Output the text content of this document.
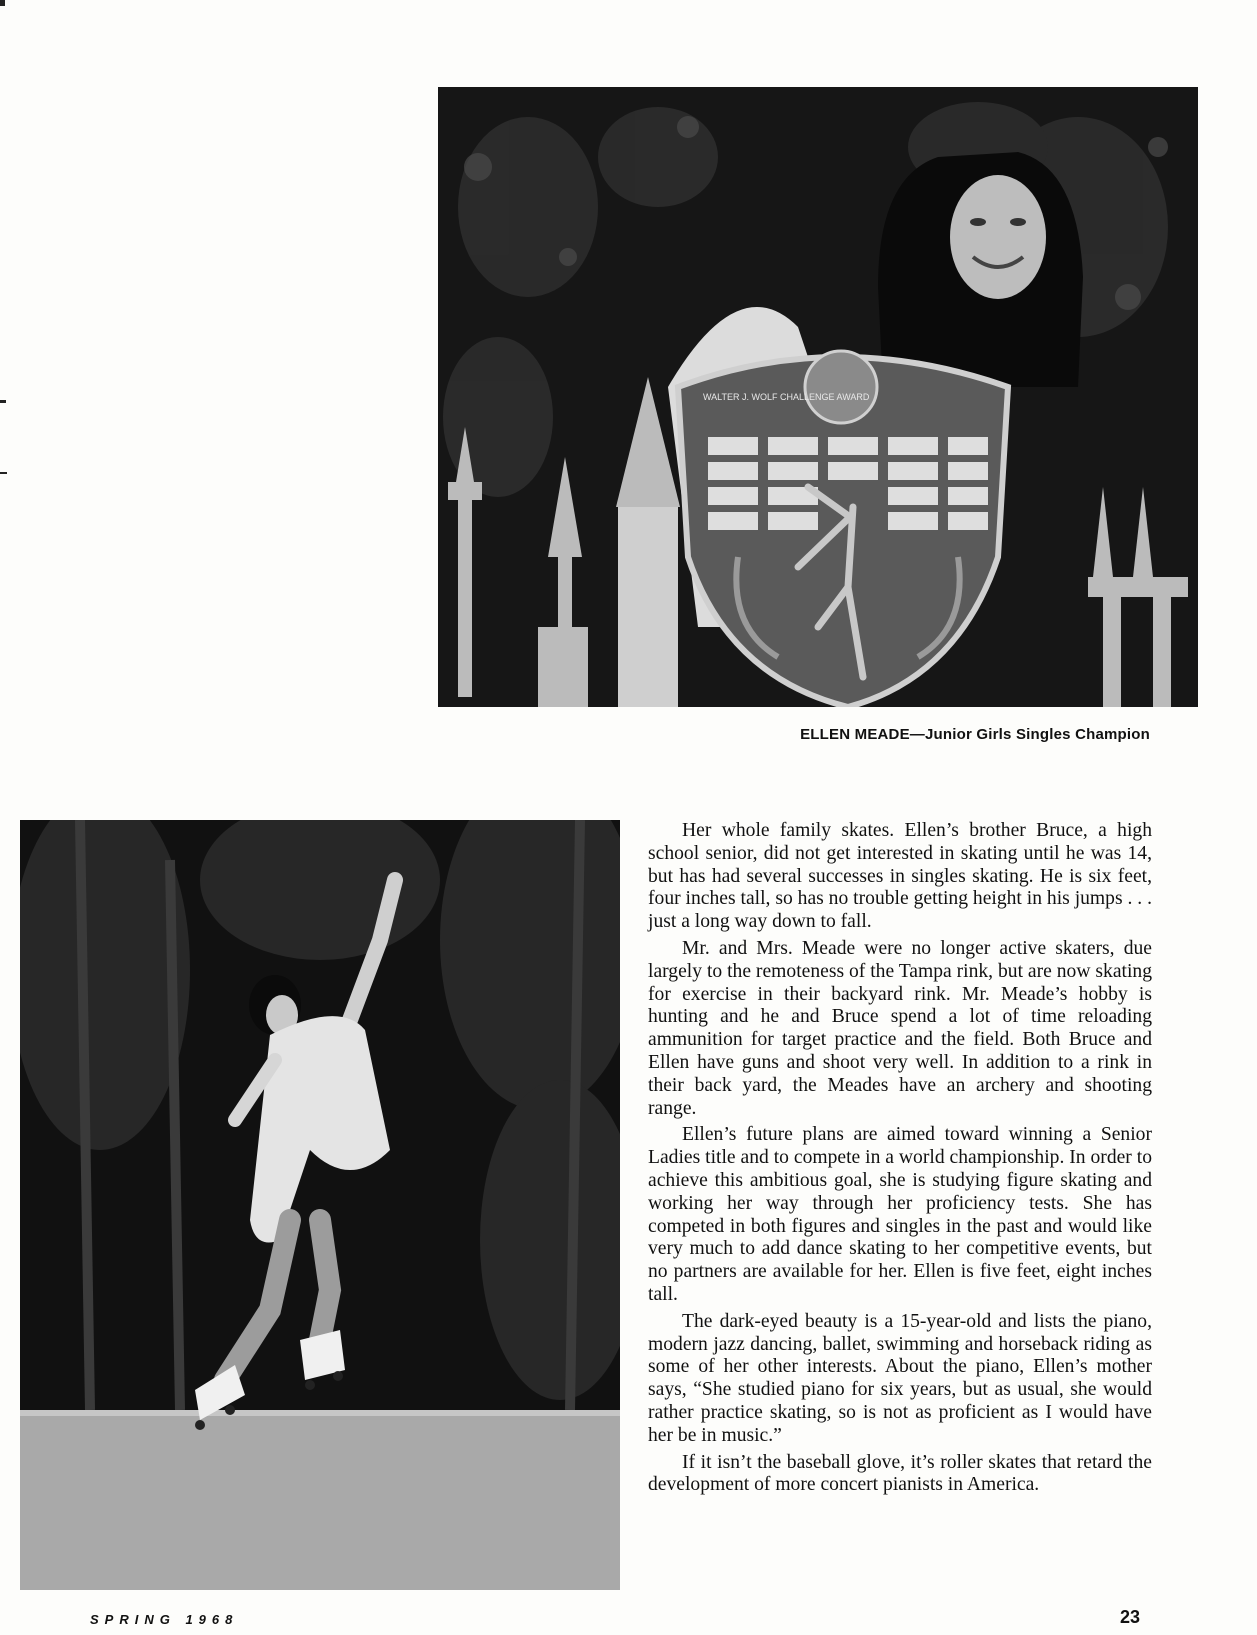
WALTER J. WOLF CHALLENGE AWARD
ELLEN MEADE—Junior Girls Singles Champion

Her whole family skates. Ellen’s brother Bruce, a high school senior, did not get interested in skating until he was 14, but has had several successes in singles skating. He is six feet, four inches tall, so has no trouble getting height in his jumps . . . just a long way down to fall.

Mr. and Mrs. Meade were no longer active skaters, due largely to the remoteness of the Tampa rink, but are now skating for exercise in their backyard rink. Mr. Meade’s hobby is hunting and he and Bruce spend a lot of time reloading ammunition for target practice and the field. Both Bruce and Ellen have guns and shoot very well. In addition to a rink in their back yard, the Meades have an archery and shooting range.

Ellen’s future plans are aimed toward winning a Senior Ladies title and to compete in a world championship. In order to achieve this ambitious goal, she is studying figure skating and working her way through her proficiency tests. She has competed in both figures and singles in the past and would like very much to add dance skating to her competitive events, but no partners are available for her. Ellen is five feet, eight inches tall.

The dark-eyed beauty is a 15-year-old and lists the piano, modern jazz dancing, ballet, swimming and horseback riding as some of her other interests. About the piano, Ellen’s mother says, “She studied piano for six years, but as usual, she would rather practice skating, so is not as proficient as I would have her be in music.”

If it isn’t the baseball glove, it’s roller skates that retard the development of more concert pianists in America.

SPRING 1968	23
